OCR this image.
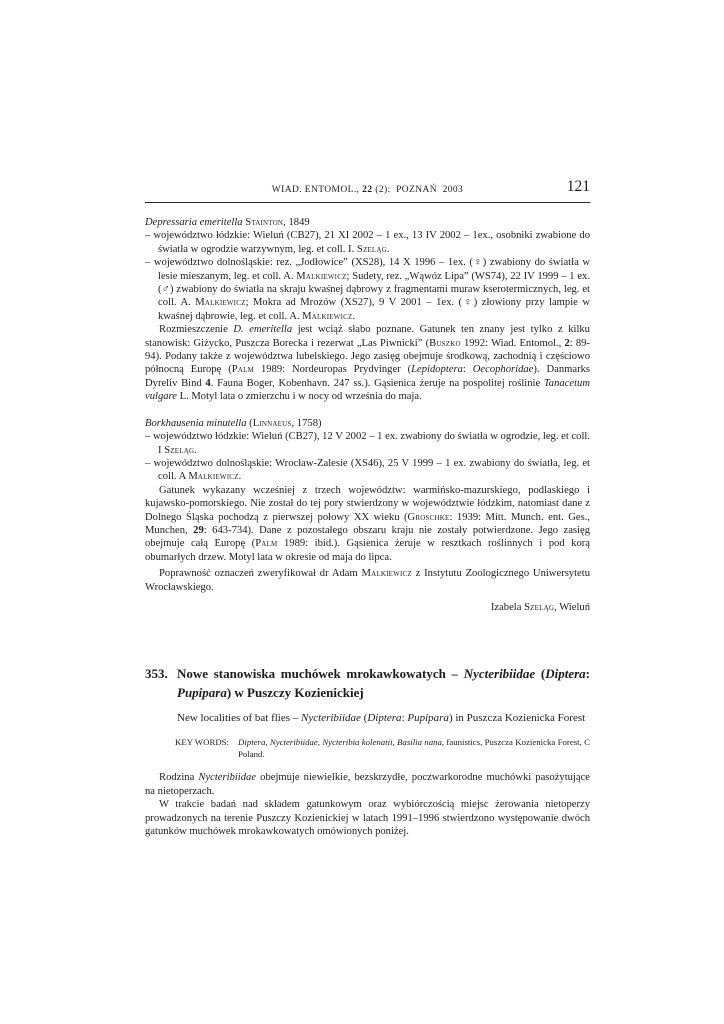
WIAD. ENTOMOL., 22 (2):  POZNAŃ  2003	121
Depressaria emeritella Stainton, 1849
– województwo łódzkie: Wieluń (CB27), 21 XI 2002 – 1 ex., 13 IV 2002 – 1ex., osobniki zwabione do światła w ogrodzie warzywnym, leg. et coll. I. Szeląg.
– województwo dolnośląskie: rez. „Jodłowice” (XS28), 14 X 1996 – 1ex. (♀) zwabiony do światła w lesie mieszanym, leg. et coll. A. Malkiewicz; Sudety, rez. „Wąwóz Lipa” (WS74), 22 IV 1999 – 1 ex. (♂) zwabiony do światła na skraju kwaśnej dąbrowy z fragmentami muraw kserotermicznych, leg. et coll. A. Malkiewicz; Mokra ad Mrozów (XS27), 9 V 2001 – 1ex. (♀) złowiony przy lampie w kwaśnej dąbrowie, leg. et coll. A. Malkiewicz.

Rozmieszczenie D. emeritella jest wciąż słabo poznane. Gatunek ten znany jest tylko z kilku stanowisk: Giżycko, Puszcza Borecka i rezerwat „Las Piwnicki” (Buszko 1992: Wiad. Entomol., 2: 89-94). Podany także z województwa lubelskiego. Jego zasięg obejmuje środkową, zachodnią i częściowo północną Europę (Palm 1989: Nordeuropas Prydvinger (Lepidoptera: Oecophoridae). Danmarks Dyreliv Bind 4. Fauna Boger, Kobenhavn. 247 ss.). Gąsienica żeruje na pospolitej roślinie Tanacetum vulgare L. Motyl lata o zmierzchu i w nocy od września do maja.

Borkhausenia minutella (Linnaeus, 1758)
– województwo łódzkie: Wieluń (CB27), 12 V 2002 – 1 ex. zwabiony do światła w ogrodzie, leg. et coll. I Szeląg.
– województwo dolnośląskie: Wrocław-Zalesie (XS46), 25 V 1999 – 1 ex. zwabiony do światła, leg. et coll. A Malkiewicz.

Gatunek wykazany wcześniej z trzech województw: warmińsko-mazurskiego, podlaskiego i kujawsko-pomorskiego. Nie został do tej pory stwierdzony w województwie łódzkim, natomiast dane z Dolnego Śląska pochodzą z pierwszej połowy XX wieku (Groschke: 1939: Mitt. Munch. ent. Ges., Munchen, 29: 643-734). Dane z pozostałego obszaru kraju nie zostały potwierdzone. Jego zasięg obejmuje całą Europę (Palm 1989: ibid.). Gąsienica żeruje w resztkach roślinnych i pod korą obumarłych drzew. Motyl lata w okresie od maja do lipca.

Poprawność oznaczeń zweryfikował dr Adam Malkiewicz z Instytutu Zoologicznego Uniwersytetu Wrocławskiego.

Izabela Szeląg, Wieluń
353. Nowe stanowiska muchówek mrokawkowatych – Nycteribiidae (Diptera: Pupipara) w Puszczy Kozienickiej
New localities of bat flies – Nycteribiidae (Diptera: Pupipara) in Puszcza Kozienicka Forest
KEY WORDS: Diptera, Nycteribiidae, Nycteribia kolenatii, Basilia nana, faunistics, Puszcza Kozienicka Forest, C Poland.

Rodzina Nycteribiidae obejmuje niewielkie, bezskrzydłe, poczwarkorodne muchówki pasożytujące na nietoperzach.

W trakcie badań nad składem gatunkowym oraz wybiórczością miejsc żerowania nietoperzy prowadzonych na terenie Puszczy Kozienickiej w latach 1991–1996 stwierdzono występowanie dwóch gatunków muchówek mrokawkowatych omówionych poniżej.
